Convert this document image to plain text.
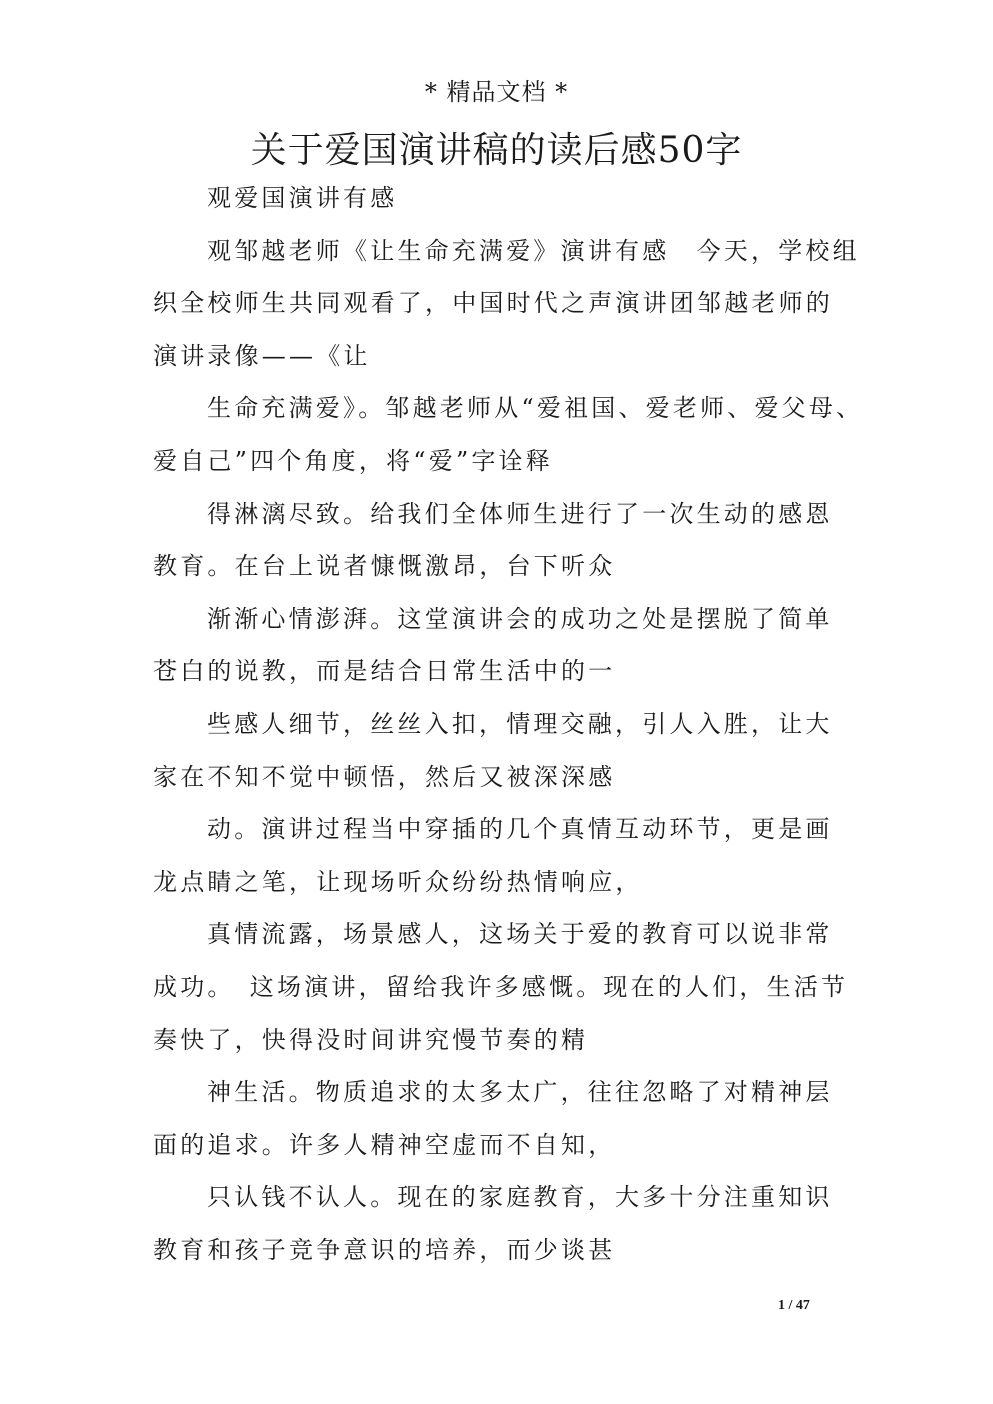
* 精品文档 *
关于爱国演讲稿的读后感50字
观爱国演讲有感
观邹越老师《让生命充满爱》演讲有感　今天，学校组
织全校师生共同观看了，中国时代之声演讲团邹越老师的
演讲录像——《让
生命充满爱》。邹越老师从“爱祖国、爱老师、爱父母、
爱自己”四个角度，将“爱”字诠释
得淋漓尽致。给我们全体师生进行了一次生动的感恩
教育。在台上说者慷慨激昂，台下听众
渐渐心情澎湃。这堂演讲会的成功之处是摆脱了简单
苍白的说教，而是结合日常生活中的一
些感人细节，丝丝入扣，情理交融，引人入胜，让大
家在不知不觉中顿悟，然后又被深深感
动。演讲过程当中穿插的几个真情互动环节，更是画
龙点睛之笔，让现场听众纷纷热情响应，
真情流露，场景感人，这场关于爱的教育可以说非常
成功。　这场演讲，留给我许多感慨。现在的人们，生活节
奏快了，快得没时间讲究慢节奏的精
神生活。物质追求的太多太广，往往忽略了对精神层
面的追求。许多人精神空虚而不自知，
只认钱不认人。现在的家庭教育，大多十分注重知识
教育和孩子竞争意识的培养，而少谈甚
1 / 47
